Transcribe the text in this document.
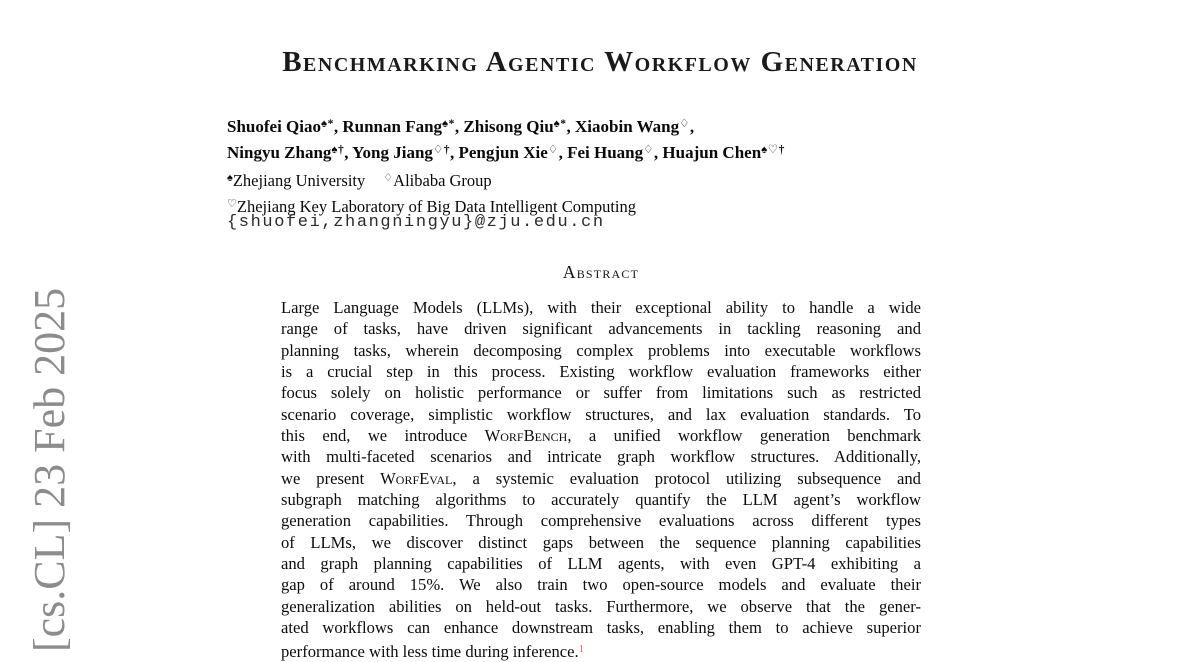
[cs.CL] 23 Feb 2025
Benchmarking Agentic Workflow Generation
Shuofei Qiao♠*, Runnan Fang♠*, Zhisong Qiu♠*, Xiaobin Wang♢,
Ningyu Zhang♠†, Yong Jiang♢†, Pengjun Xie♢, Fei Huang♢, Huajun Chen♠♡†
♠Zhejiang University ♢Alibaba Group
♡Zhejiang Key Laboratory of Big Data Intelligent Computing
{shuofei,zhangningyu}@zju.edu.cn
Abstract
Large Language Models (LLMs), with their exceptional ability to handle a wide
range of tasks, have driven significant advancements in tackling reasoning and
planning tasks, wherein decomposing complex problems into executable workflows
is a crucial step in this process. Existing workflow evaluation frameworks either
focus solely on holistic performance or suffer from limitations such as restricted
scenario coverage, simplistic workflow structures, and lax evaluation standards. To
this end, we introduce WorfBench, a unified workflow generation benchmark
with multi-faceted scenarios and intricate graph workflow structures. Additionally,
we present WorfEval, a systemic evaluation protocol utilizing subsequence and
subgraph matching algorithms to accurately quantify the LLM agent’s workflow
generation capabilities. Through comprehensive evaluations across different types
of LLMs, we discover distinct gaps between the sequence planning capabilities
and graph planning capabilities of LLM agents, with even GPT-4 exhibiting a
gap of around 15%. We also train two open-source models and evaluate their
generalization abilities on held-out tasks. Furthermore, we observe that the gener-
ated workflows can enhance downstream tasks, enabling them to achieve superior
performance with less time during inference.$^1$
